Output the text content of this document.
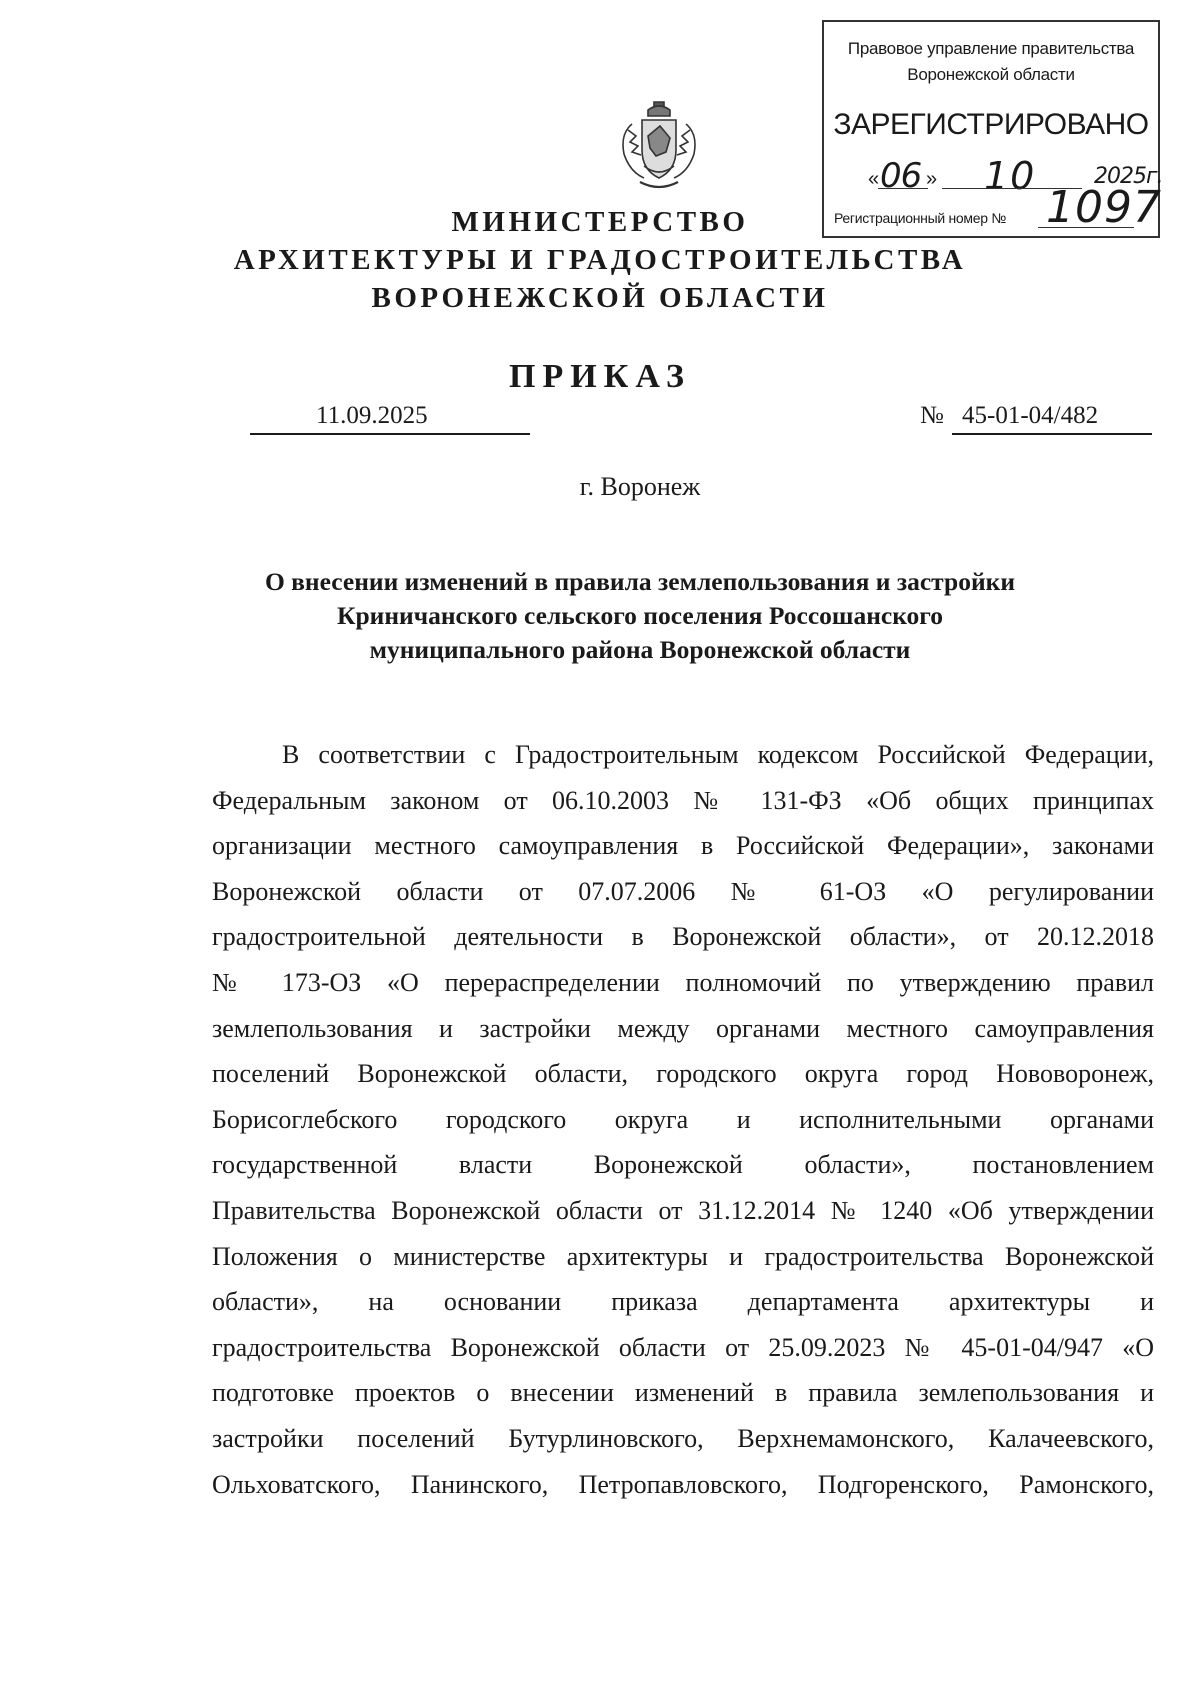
Правовое управление правительства
Воронежской области
ЗАРЕГИСТРИРОВАНО
« 06 » 10	2025г.
Регистрационный номер № 1097
МИНИСТЕРСТВО
АРХИТЕКТУРЫ И ГРАДОСТРОИТЕЛЬСТВА
ВОРОНЕЖСКОЙ ОБЛАСТИ
ПРИКАЗ
11.09.2025	№ 45-01-04/482
г. Воронеж
О внесении изменений в правила землепользования и застройки
Криничанского сельского поселения Россошанского
муниципального района Воронежской области
В соответствии с Градостроительным кодексом Российской Федерации,
Федеральным законом от 06.10.2003 № 131-ФЗ «Об общих принципах
организации местного самоуправления в Российской Федерации», законами
Воронежской области от 07.07.2006 № 61-ОЗ «О регулировании
градостроительной деятельности в Воронежской области», от 20.12.2018
№ 173-ОЗ «О перераспределении полномочий по утверждению правил
землепользования и застройки между органами местного самоуправления
поселений Воронежской области, городского округа город Нововоронеж,
Борисоглебского городского округа и исполнительными органами
государственной власти Воронежской области», постановлением
Правительства Воронежской области от 31.12.2014 № 1240 «Об утверждении
Положения о министерстве архитектуры и градостроительства Воронежской
области», на основании приказа департамента архитектуры и
градостроительства Воронежской области от 25.09.2023 № 45-01-04/947 «О
подготовке проектов о внесении изменений в правила землепользования и
застройки поселений Бутурлиновского, Верхнемамонского, Калачеевского,
Ольховатского, Панинского, Петропавловского, Подгоренского, Рамонского,
